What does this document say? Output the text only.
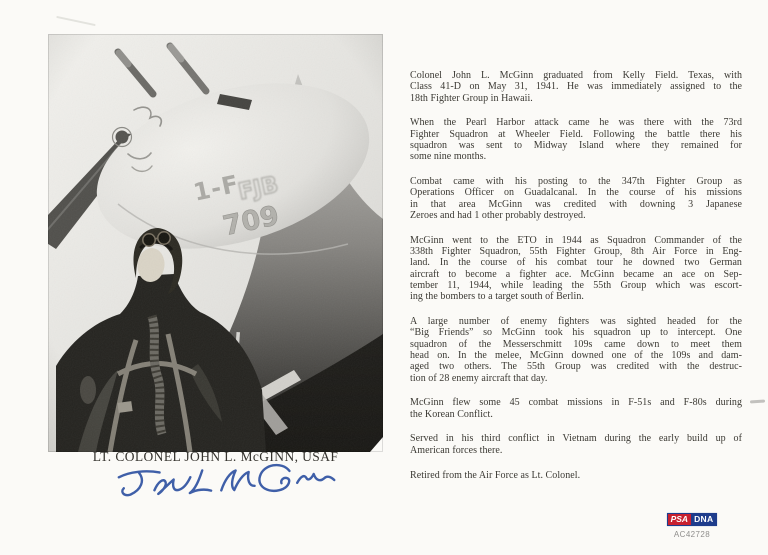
LT. COLONEL JOHN L. McGINN, USAF

Colonel John L. McGinn graduated from Kelly Field. Texas, with
Class 41-D on May 31, 1941. He was immediately assigned to the
18th Fighter Group in Hawaii.

When the Pearl Harbor attack came he was there with the 73rd
Fighter Squadron at Wheeler Field. Following the battle there his
squadron was sent to Midway Island where they remained for
some nine months.

Combat came with his posting to the 347th Fighter Group as
Operations Officer on Guadalcanal. In the course of his missions
in that area McGinn was credited with downing 3 Japanese
Zeroes and had 1 other probably destroyed.

McGinn went to the ETO in 1944 as Squadron Commander of the
338th Fighter Squadron, 55th Fighter Group, 8th Air Force in Eng-
land. In the course of his combat tour he downed two German
aircraft to become a fighter ace. McGinn became an ace on Sep-
tember 11, 1944, while leading the 55th Group which was escort-
ing the bombers to a target south of Berlin.

A large number of enemy fighters was sighted headed for the
“Big Friends” so McGinn took his squadron up to intercept. One
squadron of the Messerschmitt 109s came down to meet them
head on. In the melee, McGinn downed one of the 109s and dam-
aged two others. The 55th Group was credited with the destruc-
tion of 28 enemy aircraft that day.

McGinn flew some 45 combat missions in F-51s and F-80s during
the Korean Conflict.

Served in his third conflict in Vietnam during the early build up of
American forces there.

Retired from the Air Force as Lt. Colonel.

PSA DNA
AC42728
